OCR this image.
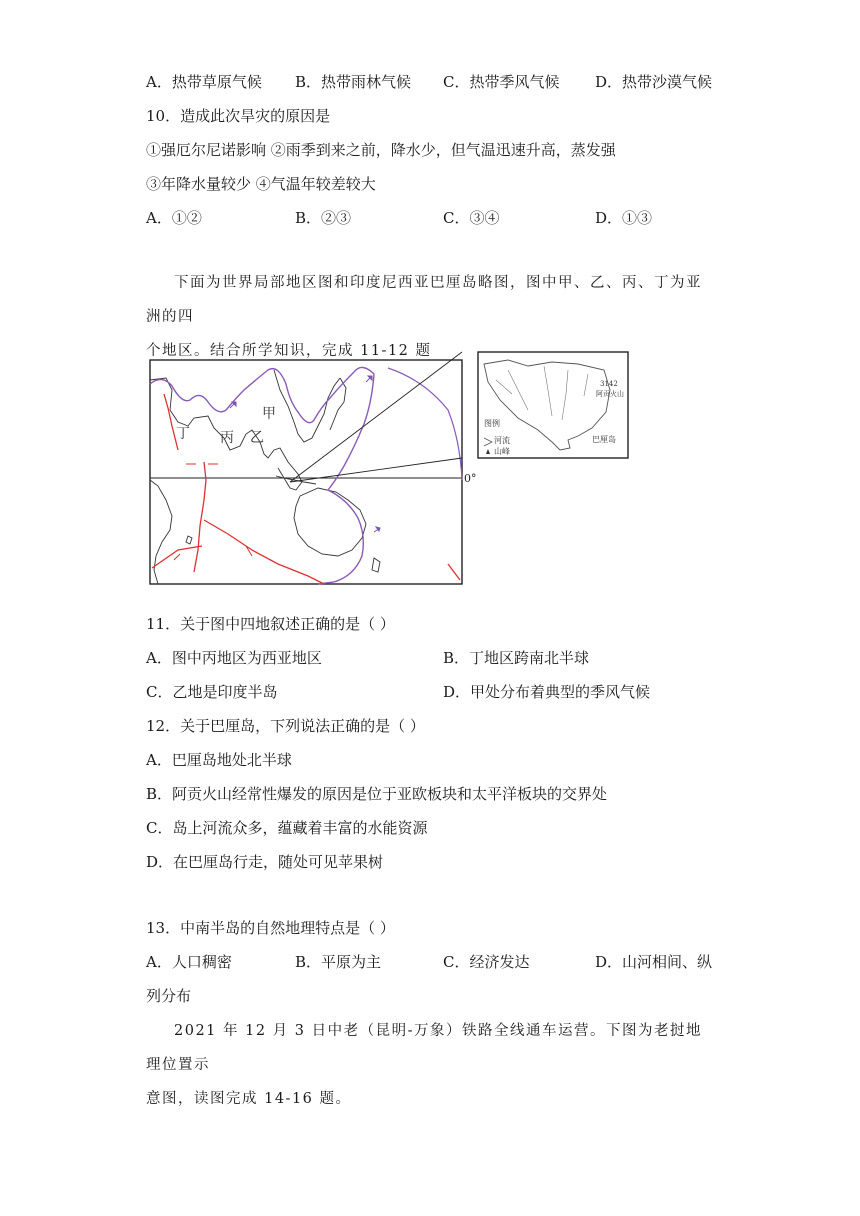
A．热带草原气候 B．热带雨林气候 C．热带季风气候 D．热带沙漠气候
10．造成此次旱灾的原因是
①强厄尔尼诺影响 ②雨季到来之前，降水少，但气温迅速升高，蒸发强
③年降水量较少 ④气温年较差较大
A．①②	B．②③	C．③④	D．①③
下面为世界局部地区图和印度尼西亚巴厘岛略图，图中甲、乙、丙、丁为亚洲的四
个地区。结合所学知识，完成 11-12 题
0°
甲
乙
丙
丁
3142
阿贡火山
图例
河流
山峰
巴厘岛
11．关于图中四地叙述正确的是（ ）
A．图中丙地区为西亚地区	B．丁地区跨南北半球
C．乙地是印度半岛	D．甲处分布着典型的季风气候
12．关于巴厘岛，下列说法正确的是（ ）
A．巴厘岛地处北半球
B．阿贡火山经常性爆发的原因是位于亚欧板块和太平洋板块的交界处
C．岛上河流众多，蕴藏着丰富的水能资源
D．在巴厘岛行走，随处可见苹果树
13．中南半岛的自然地理特点是（ ）
A．人口稠密	B．平原为主	C．经济发达	D．山河相间、纵
列分布
2021 年 12 月 3 日中老（昆明-万象）铁路全线通车运营。下图为老挝地理位置示
意图，读图完成 14-16 题。
